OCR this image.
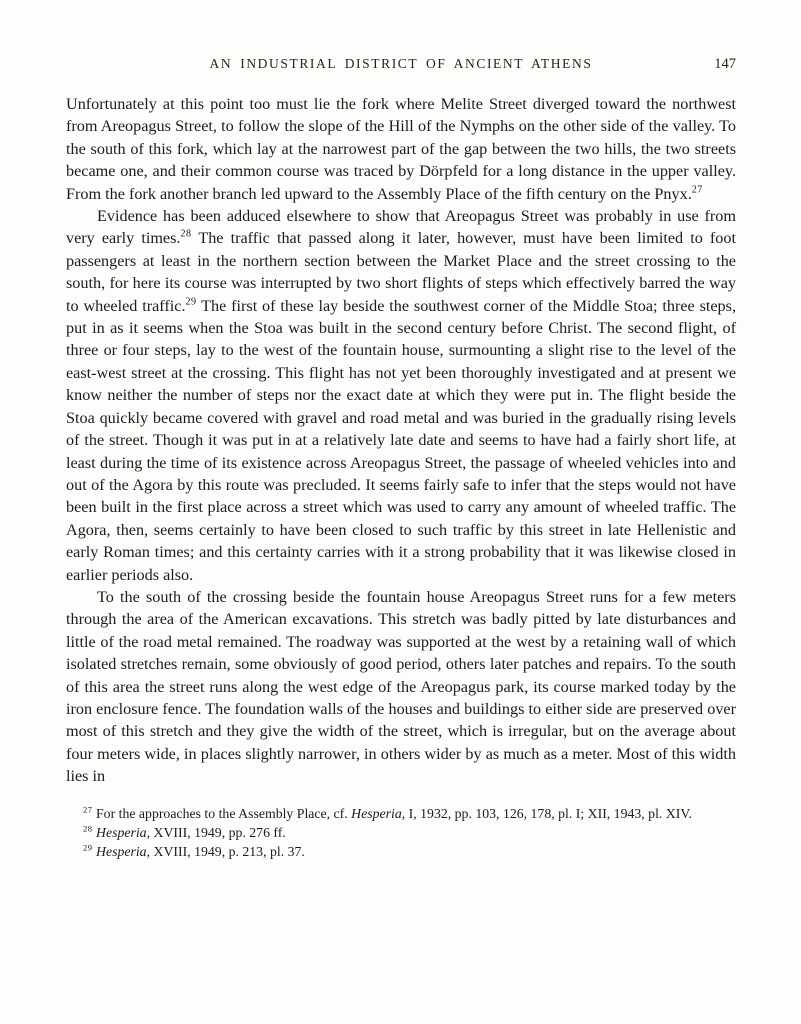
AN INDUSTRIAL DISTRICT OF ANCIENT ATHENS	147

Unfortunately at this point too must lie the fork where Melite Street diverged toward the northwest from Areopagus Street, to follow the slope of the Hill of the Nymphs on the other side of the valley. To the south of this fork, which lay at the narrowest part of the gap between the two hills, the two streets became one, and their common course was traced by Dörpfeld for a long distance in the upper valley. From the fork another branch led upward to the Assembly Place of the fifth century on the Pnyx.$^{27}$

Evidence has been adduced elsewhere to show that Areopagus Street was probably in use from very early times.$^{28}$ The traffic that passed along it later, however, must have been limited to foot passengers at least in the northern section between the Market Place and the street crossing to the south, for here its course was interrupted by two short flights of steps which effectively barred the way to wheeled traffic.$^{29}$ The first of these lay beside the southwest corner of the Middle Stoa; three steps, put in as it seems when the Stoa was built in the second century before Christ. The second flight, of three or four steps, lay to the west of the fountain house, surmounting a slight rise to the level of the east-west street at the crossing. This flight has not yet been thoroughly investigated and at present we know neither the number of steps nor the exact date at which they were put in. The flight beside the Stoa quickly became covered with gravel and road metal and was buried in the gradually rising levels of the street. Though it was put in at a relatively late date and seems to have had a fairly short life, at least during the time of its existence across Areopagus Street, the passage of wheeled vehicles into and out of the Agora by this route was precluded. It seems fairly safe to infer that the steps would not have been built in the first place across a street which was used to carry any amount of wheeled traffic. The Agora, then, seems certainly to have been closed to such traffic by this street in late Hellenistic and early Roman times; and this certainty carries with it a strong probability that it was likewise closed in earlier periods also.

To the south of the crossing beside the fountain house Areopagus Street runs for a few meters through the area of the American excavations. This stretch was badly pitted by late disturbances and little of the road metal remained. The roadway was supported at the west by a retaining wall of which isolated stretches remain, some obviously of good period, others later patches and repairs. To the south of this area the street runs along the west edge of the Areopagus park, its course marked today by the iron enclosure fence. The foundation walls of the houses and buildings to either side are preserved over most of this stretch and they give the width of the street, which is irregular, but on the average about four meters wide, in places slightly narrower, in others wider by as much as a meter. Most of this width lies in

$^{27}$ For the approaches to the Assembly Place, cf. Hesperia, I, 1932, pp. 103, 126, 178, pl. I; XII, 1943, pl. XIV.

$^{28}$ Hesperia, XVIII, 1949, pp. 276 ff.

$^{29}$ Hesperia, XVIII, 1949, p. 213, pl. 37.
